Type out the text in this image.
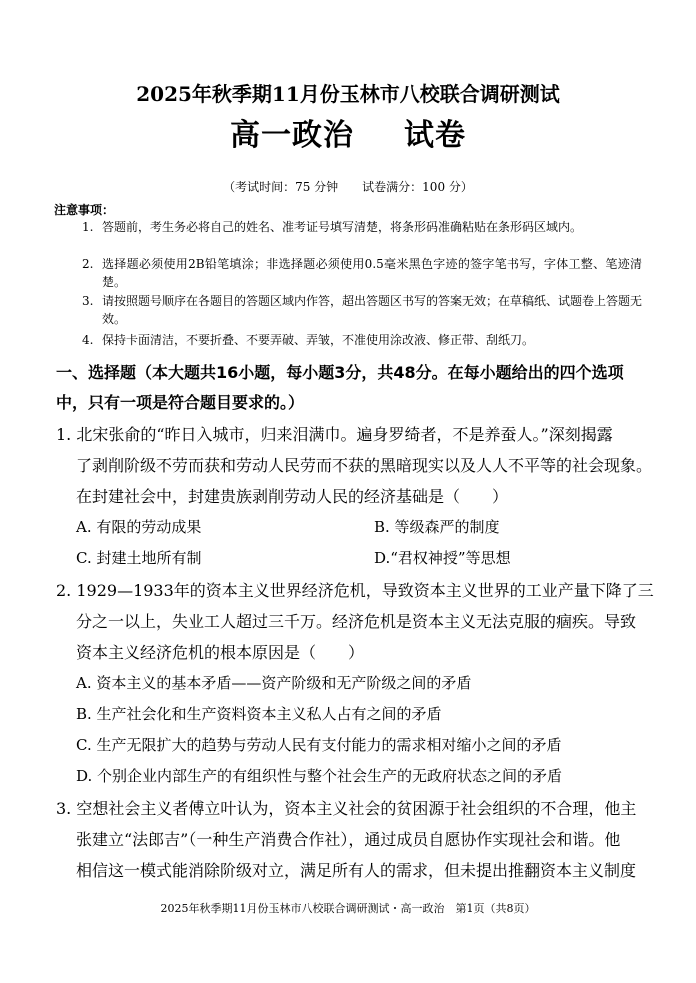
2025年秋季期11月份玉林市八校联合调研测试
高一政治 试卷
（考试时间：75 分钟 试卷满分：100 分）
注意事项：
1. 答题前，考生务必将自己的姓名、准考证号填写清楚，将条形码准确粘贴在条形码区域内。
2. 选择题必须使用2B铅笔填涂；非选择题必须使用0.5毫米黑色字迹的签字笔书写，字体工整、笔迹清楚。
3. 请按照题号顺序在各题目的答题区域内作答，超出答题区书写的答案无效；在草稿纸、试题卷上答题无效。
4. 保持卡面清洁，不要折叠、不要弄破、弄皱，不准使用涂改液、修正带、刮纸刀。
一、选择题（本大题共16小题，每小题3分，共48分。在每小题给出的四个选项
中，只有一项是符合题目要求的。）
1. 北宋张俞的“昨日入城市，归来泪满巾。遍身罗绮者，不是养蚕人。”深刻揭露
了剥削阶级不劳而获和劳动人民劳而不获的黑暗现实以及人人不平等的社会现象。
在封建社会中，封建贵族剥削劳动人民的经济基础是（　　）
A. 有限的劳动成果	B. 等级森严的制度
C. 封建土地所有制	D.“君权神授”等思想
2. 1929—1933年的资本主义世界经济危机，导致资本主义世界的工业产量下降了三
分之一以上，失业工人超过三千万。经济危机是资本主义无法克服的痼疾。导致
资本主义经济危机的根本原因是（　　）
A. 资本主义的基本矛盾——资产阶级和无产阶级之间的矛盾
B. 生产社会化和生产资料资本主义私人占有之间的矛盾
C. 生产无限扩大的趋势与劳动人民有支付能力的需求相对缩小之间的矛盾
D. 个别企业内部生产的有组织性与整个社会生产的无政府状态之间的矛盾
3. 空想社会主义者傅立叶认为，资本主义社会的贫困源于社会组织的不合理，他主
张建立“法郎吉”（一种生产消费合作社），通过成员自愿协作实现社会和谐。他
相信这一模式能消除阶级对立，满足所有人的需求，但未提出推翻资本主义制度
2025年秋季期11月份玉林市八校联合调研测试・高一政治　第1页（共8页）
